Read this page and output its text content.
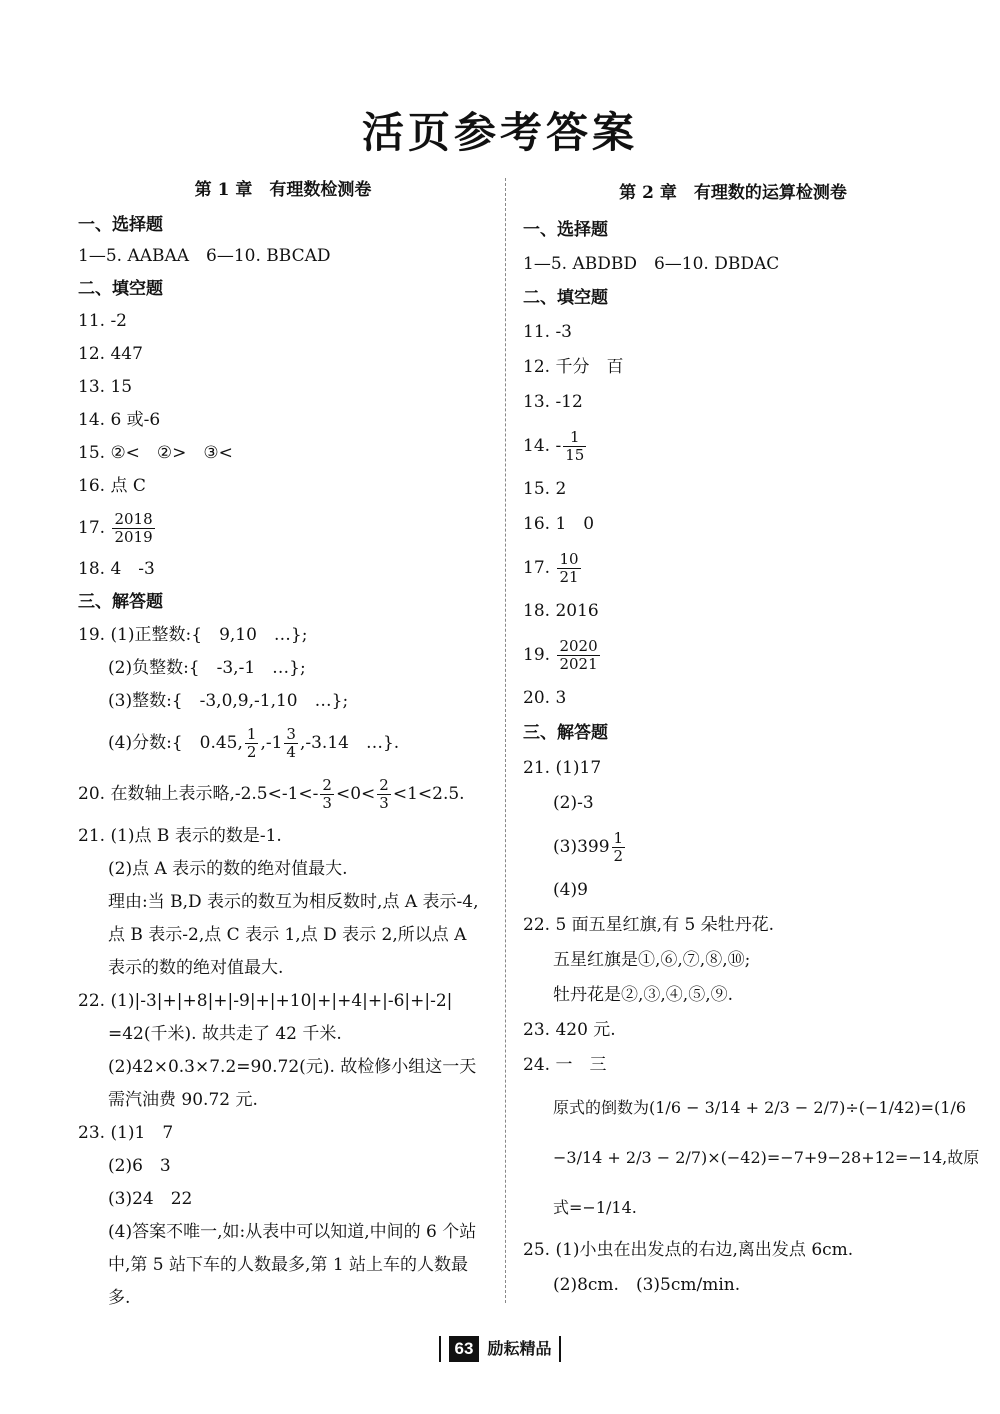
活页参考答案
第 1 章　有理数检测卷
一、选择题
1—5. AABAA　6—10. BBCAD
二、填空题
11. -2
12. 447
13. 15
14. 6 或-6
15. ②<　②>　③<
16. 点 C
17. $\frac{2018}{2019}$
18. 4　-3
三、解答题
19. (1)正整数:{　9,10　…};
(2)负整数:{　-3,-1　…};
(3)整数:{　-3,0,9,-1,10　…};
(4)分数:{　0.45, $\frac{1}{2} ,-1 \frac{3}{4} ,-3.14$　…}.
20. 在数轴上表示略$,-2.5<-1<- \frac{2}{3} <0< \frac{2}{3} <1<2.5$.
21. (1)点 B 表示的数是-1.
(2)点 A 表示的数的绝对值最大.
理由:当 B,D 表示的数互为相反数时,点 A 表示-4,点 B 表示-2,点 C 表示 1,点 D 表示 2,所以点 A 表示的数的绝对值最大.
22. (1)|-3|+|+8|+|-9|+|+10|+|+4|+|-6|+|-2|
=42(千米). 故共走了 42 千米.
(2)42×0.3×7.2=90.72(元). 故检修小组这一天需汽油费 90.72 元.
23. (1)1　7
(2)6　3
(3)24　22
(4)答案不唯一,如:从表中可以知道,中间的 6 个站中,第 5 站下车的人数最多,第 1 站上车的人数最多.
第 2 章　有理数的运算检测卷
一、选择题
1—5. ABDBD　6—10. DBDAC
二、填空题
11. -3
12. 千分　百
13. -12
14. - $\frac{1}{15}$
15. 2
16. 1　0
17. $\frac{10}{21}$
18. 2016
19. $\frac{2020}{2021}$
20. 3
三、解答题
21. (1)17
(2)-3
$(3)399 \frac{1}{2}$
(4)9
22. 5 面五星红旗,有 5 朵牡丹花.
五星红旗是①,⑥,⑦,⑧,⑩;
牡丹花是②,③,④,⑤,⑨.
23. 420 元.
24. 一　三
原式的倒数为(1/6 − 3/14 + 2/3 − 2/7)÷(−1/42)=(1/6
−3/14 + 2/3 − 2/7)×(−42)=−7+9−28+12=−14,故原
式=−1/14.
25. (1)小虫在出发点的右边,离出发点 6cm.
(2)8cm.　(3)5cm/min.
63 励耘精品
